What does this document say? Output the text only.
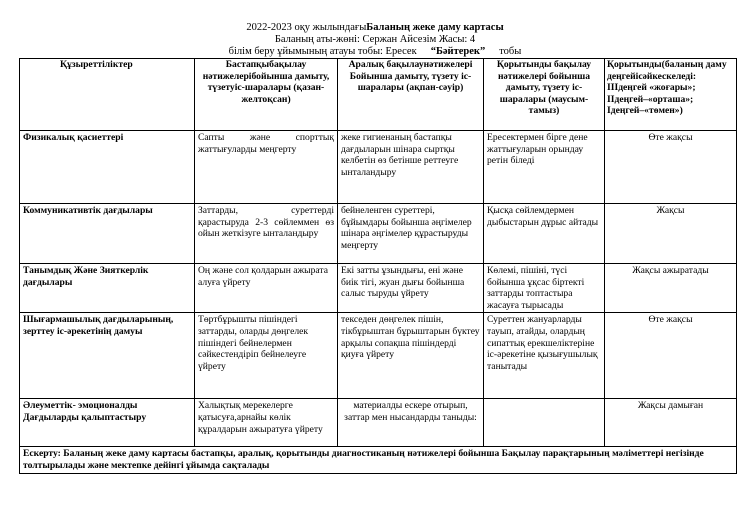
2022-2023 оқу жылындағыБаланың жеке даму картасы
Баланың аты-жөні: Сержан Айсезім Жасы: 4
білім беру ұйымының атауы тобы: Ересек “Бәйтерек” тобы
Құзыреттіліктер	Бастапқыбақылау нәтижелерібойынша дамыту, түзетуіс-шаралары (қазан-желтоқсан)	Аралық бақылаунәтижелері Бойынша дамыту, түзету іс-шаралары (ақпан-сәуір)	Қорытынды бақылау нәтижелері бойынша дамыту, түзету іс-шаралары (маусым-тамыз)	Қорытынды(баланың даму деңгейісәйкескеледі: ІІІдеңгей «жоғары»; ІІдеңгей–«орташа»; Ідеңгей–«төмен»)
Физикалық қасиеттері	Сапты және спорттық жаттығуларды меңгерту	жеке гигиенаның бастапқы дағдыларын шінара сыртқы келбетін өз бетінше реттеуге ынталандыру	Ересектермен бірге дене жаттығуларын орындау ретін біледі	Өте жақсы
Коммуникативтік дағдылары	Заттарды, суреттерді қарастыруда 2-3 сөйлеммен өз ойын жеткізуге ынталандыру	бейнеленген суреттері, бұйымдары бойынша әңгімелер шінара әңгімелер құрастыруды меңгерту	Қысқа сөйлемдермен дыбыстарын дұрыс айтады	Жақсы
Танымдық Және Зияткерлік дағдылары	Оң және сол қолдарын ажырата алуға үйрету	Екі затты ұзындығы, ені және биік тігі, жуан дығы бойынша салыс тыруды үйрету	Көлемі, пішіні, түсі бойынша ұқсас біртекті заттарды топтастыра жасауға тырысады	Жақсы ажыратады
Шығармашылық дағдыларының, зерттеу іс-әрекетінің дамуы	Төртбұрышты пішіндегі заттарды, оларды дөңгелек пішіндегі бейнелермен сәйкестендіріп бейнелеуге үйрету	текседен дөңгелек пішін, тікбұрыштан бұрыштарын бүктеу арқылы сопақша пішіндерді қиуға үйрету	Суреттен жануарларды тауып, атайды, олардың сипаттық ерекшеліктеріне іс-әрекетіне қызығушылық танытады	Өте жақсы
Әлеуметтік- эмоционалды Дағдыларды қалыптастыру	Халықтық мерекелерге қатысуға,арнайы көлік құралдарын ажыратуға үйрету	материалды ескере отырып, заттар мен нысандарды таныды:		Жақсы дамыған
Ескерту: Баланың жеке даму картасы бастапқы, аралық, қорытынды диагностиканың нәтижелері бойынша Бақылау парақтарының мәліметтері негізінде толтырылады және мектепке дейінгі ұйымда сақталады				
